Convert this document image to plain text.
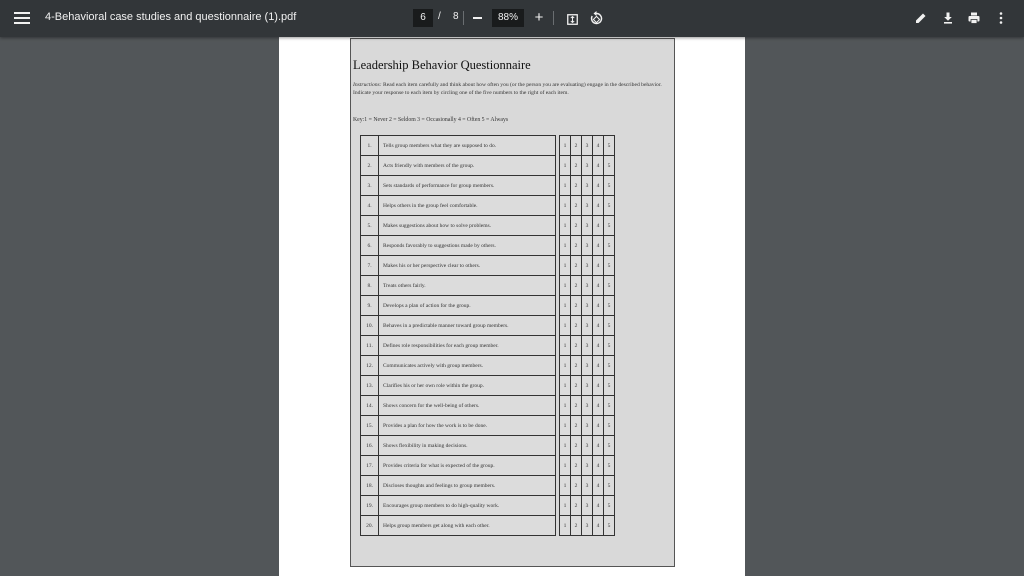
4-Behavioral case studies and questionnaire (1).pdf	6	/ 8	88%	+
Leadership Behavior Questionnaire
Instructions: Read each item carefully and think about how often you (or the person you are evaluating) engage in the described behavior. Indicate your response to each item by circling one of the five numbers to the right of each item.
Key:1 = Never 2 = Seldom 3 = Occasionally 4 = Often 5 = Always
1.	Tells group members what they are supposed to do.		1	2	3	4	5
2.	Acts friendly with members of the group.		1	2	3	4	5
3.	Sets standards of performance for group members.		1	2	3	4	5
4.	Helps others in the group feel comfortable.		1	2	3	4	5
5.	Makes suggestions about how to solve problems.		1	2	3	4	5
6.	Responds favorably to suggestions made by others.		1	2	3	4	5
7.	Makes his or her perspective clear to others.		1	2	3	4	5
8.	Treats others fairly.		1	2	3	4	5
9.	Develops a plan of action for the group.		1	2	3	4	5
10.	Behaves in a predictable manner toward group members.		1	2	3	4	5
11.	Defines role responsibilities for each group member.		1	2	3	4	5
12.	Communicates actively with group members.		1	2	3	4	5
13.	Clarifies his or her own role within the group.		1	2	3	4	5
14.	Shows concern for the well-being of others.		1	2	3	4	5
15.	Provides a plan for how the work is to be done.		1	2	3	4	5
16.	Shows flexibility in making decisions.		1	2	3	4	5
17.	Provides criteria for what is expected of the group.		1	2	3	4	5
18.	Discloses thoughts and feelings to group members.		1	2	3	4	5
19.	Encourages group members to do high-quality work.		1	2	3	4	5
20.	Helps group members get along with each other.		1	2	3	4	5
